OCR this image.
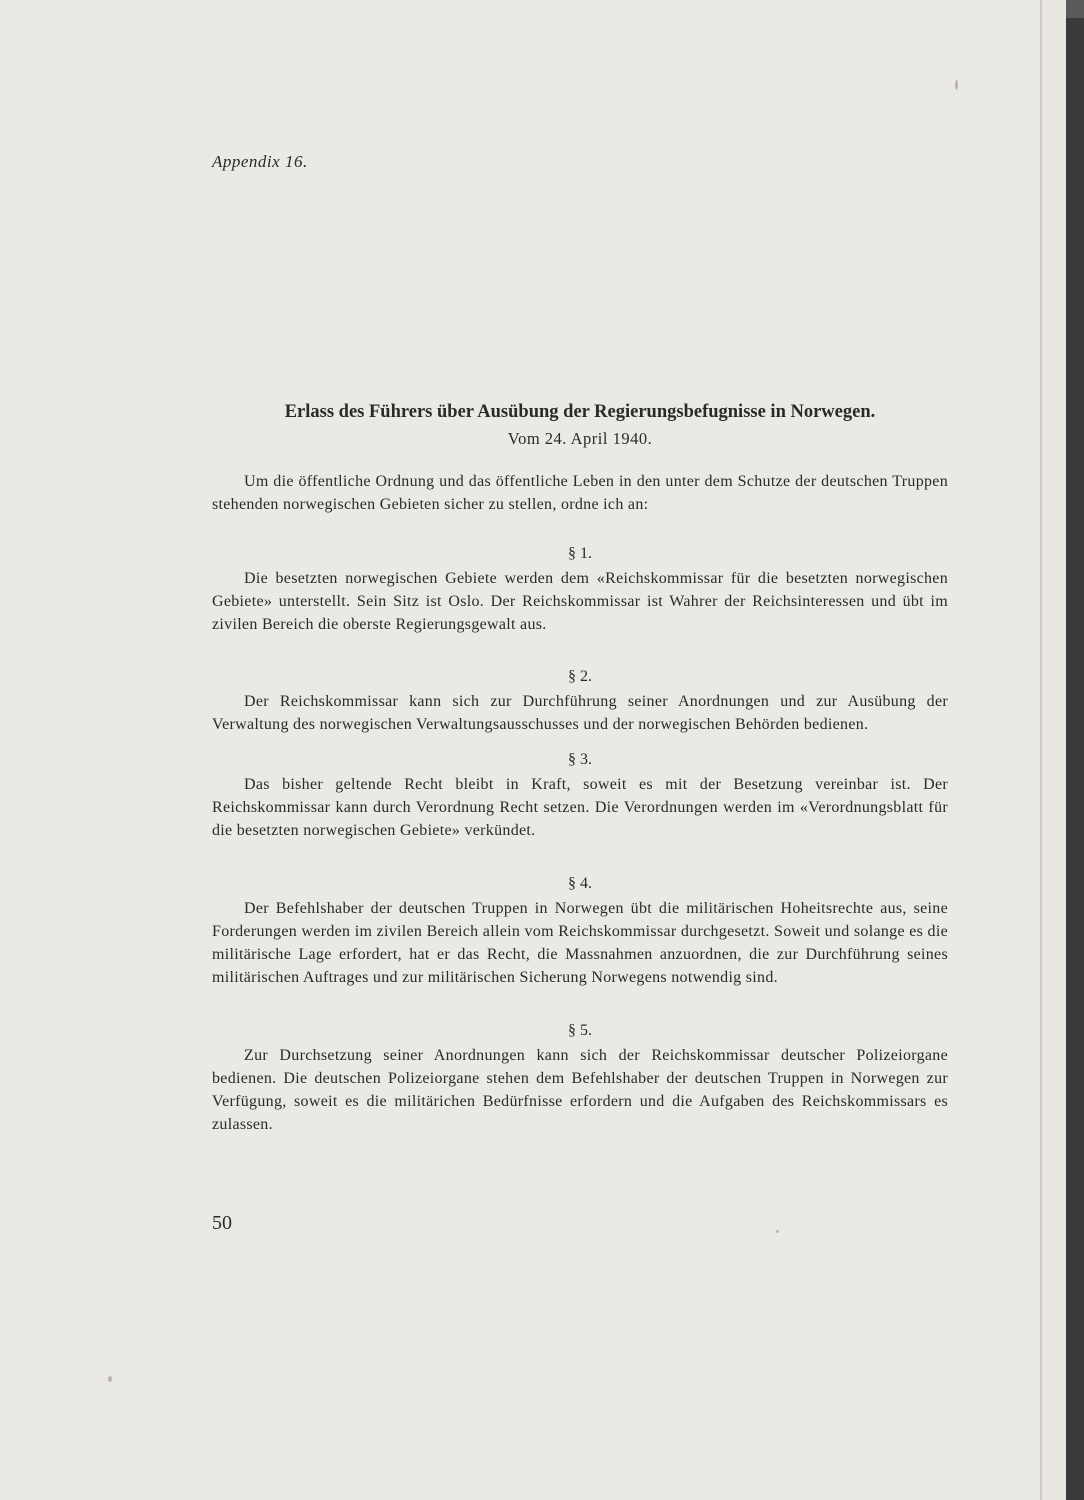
Appendix 16.

Erlass des Führers über Ausübung der Regierungsbefugnisse in Norwegen.

Vom 24. April 1940.

Um die öffentliche Ordnung und das öffentliche Leben in den unter dem Schutze der deutschen Truppen stehenden norwegischen Gebieten sicher zu stellen, ordne ich an:

§ 1.

Die besetzten norwegischen Gebiete werden dem «Reichskommissar für die besetzten norwegischen Gebiete» unterstellt. Sein Sitz ist Oslo. Der Reichskommissar ist Wahrer der Reichsinteressen und übt im zivilen Bereich die oberste Regierungsgewalt aus.

§ 2.

Der Reichskommissar kann sich zur Durchführung seiner Anordnungen und zur Ausübung der Verwaltung des norwegischen Verwaltungsausschusses und der norwegischen Behörden bedienen.

§ 3.

Das bisher geltende Recht bleibt in Kraft, soweit es mit der Besetzung vereinbar ist. Der Reichskommissar kann durch Verordnung Recht setzen. Die Verordnungen werden im «Verordnungsblatt für die besetzten norwegischen Gebiete» verkündet.

§ 4.

Der Befehlshaber der deutschen Truppen in Norwegen übt die militärischen Hoheitsrechte aus, seine Forderungen werden im zivilen Bereich allein vom Reichskommissar durchgesetzt. Soweit und solange es die militärische Lage erfordert, hat er das Recht, die Massnahmen anzuordnen, die zur Durchführung seines militärischen Auftrages und zur militärischen Sicherung Norwegens notwendig sind.

§ 5.

Zur Durchsetzung seiner Anordnungen kann sich der Reichskommissar deutscher Polizeiorgane bedienen. Die deutschen Polizeiorgane stehen dem Befehlshaber der deutschen Truppen in Norwegen zur Verfügung, soweit es die militärichen Bedürfnisse erfordern und die Aufgaben des Reichskommissars es zulassen.

50
